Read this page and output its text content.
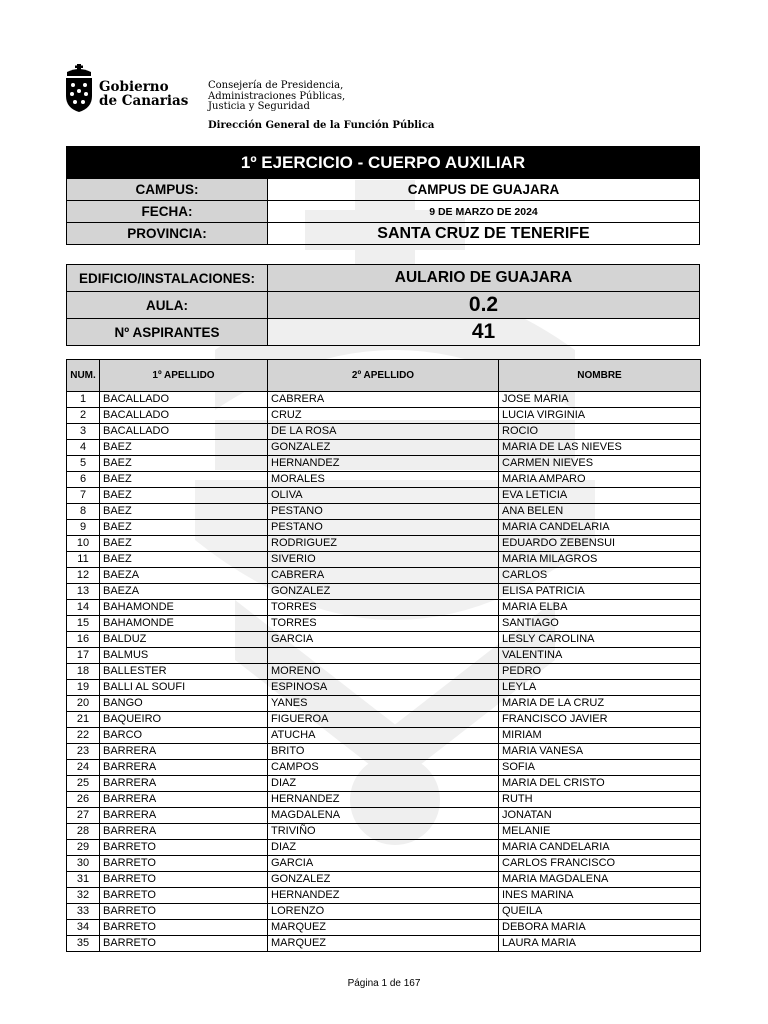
Gobierno
de Canarias
Consejería de Presidencia,
Administraciones Públicas,
Justicia y Seguridad
Dirección General de la Función Pública
1º EJERCICIO - CUERPO AUXILIAR	
CAMPUS:	CAMPUS DE GUAJARA
FECHA:	9 DE MARZO DE 2024
PROVINCIA:	SANTA CRUZ DE TENERIFE
EDIFICIO/INSTALACIONES:	AULARIO DE GUAJARA
AULA:	0.2
Nº ASPIRANTES	41
NUM.	1º APELLIDO	2º APELLIDO	NOMBRE
1	BACALLADO	CABRERA	JOSE MARIA
2	BACALLADO	CRUZ	LUCIA VIRGINIA
3	BACALLADO	DE LA ROSA	ROCIO
4	BAEZ	GONZALEZ	MARIA DE LAS NIEVES
5	BAEZ	HERNANDEZ	CARMEN NIEVES
6	BAEZ	MORALES	MARIA AMPARO
7	BAEZ	OLIVA	EVA LETICIA
8	BAEZ	PESTANO	ANA BELEN
9	BAEZ	PESTANO	MARIA CANDELARIA
10	BAEZ	RODRIGUEZ	EDUARDO ZEBENSUI
11	BAEZ	SIVERIO	MARIA MILAGROS
12	BAEZA	CABRERA	CARLOS
13	BAEZA	GONZALEZ	ELISA PATRICIA
14	BAHAMONDE	TORRES	MARIA ELBA
15	BAHAMONDE	TORRES	SANTIAGO
16	BALDUZ	GARCIA	LESLY CAROLINA
17	BALMUS		VALENTINA
18	BALLESTER	MORENO	PEDRO
19	BALLI AL SOUFI	ESPINOSA	LEYLA
20	BANGO	YANES	MARIA DE LA CRUZ
21	BAQUEIRO	FIGUEROA	FRANCISCO JAVIER
22	BARCO	ATUCHA	MIRIAM
23	BARRERA	BRITO	MARIA VANESA
24	BARRERA	CAMPOS	SOFIA
25	BARRERA	DIAZ	MARIA DEL CRISTO
26	BARRERA	HERNANDEZ	RUTH
27	BARRERA	MAGDALENA	JONATAN
28	BARRERA	TRIVIÑO	MELANIE
29	BARRETO	DIAZ	MARIA CANDELARIA
30	BARRETO	GARCIA	CARLOS FRANCISCO
31	BARRETO	GONZALEZ	MARIA MAGDALENA
32	BARRETO	HERNANDEZ	INES MARINA
33	BARRETO	LORENZO	QUEILA
34	BARRETO	MARQUEZ	DEBORA MARIA
35	BARRETO	MARQUEZ	LAURA MARIA
Página 1 de 167
